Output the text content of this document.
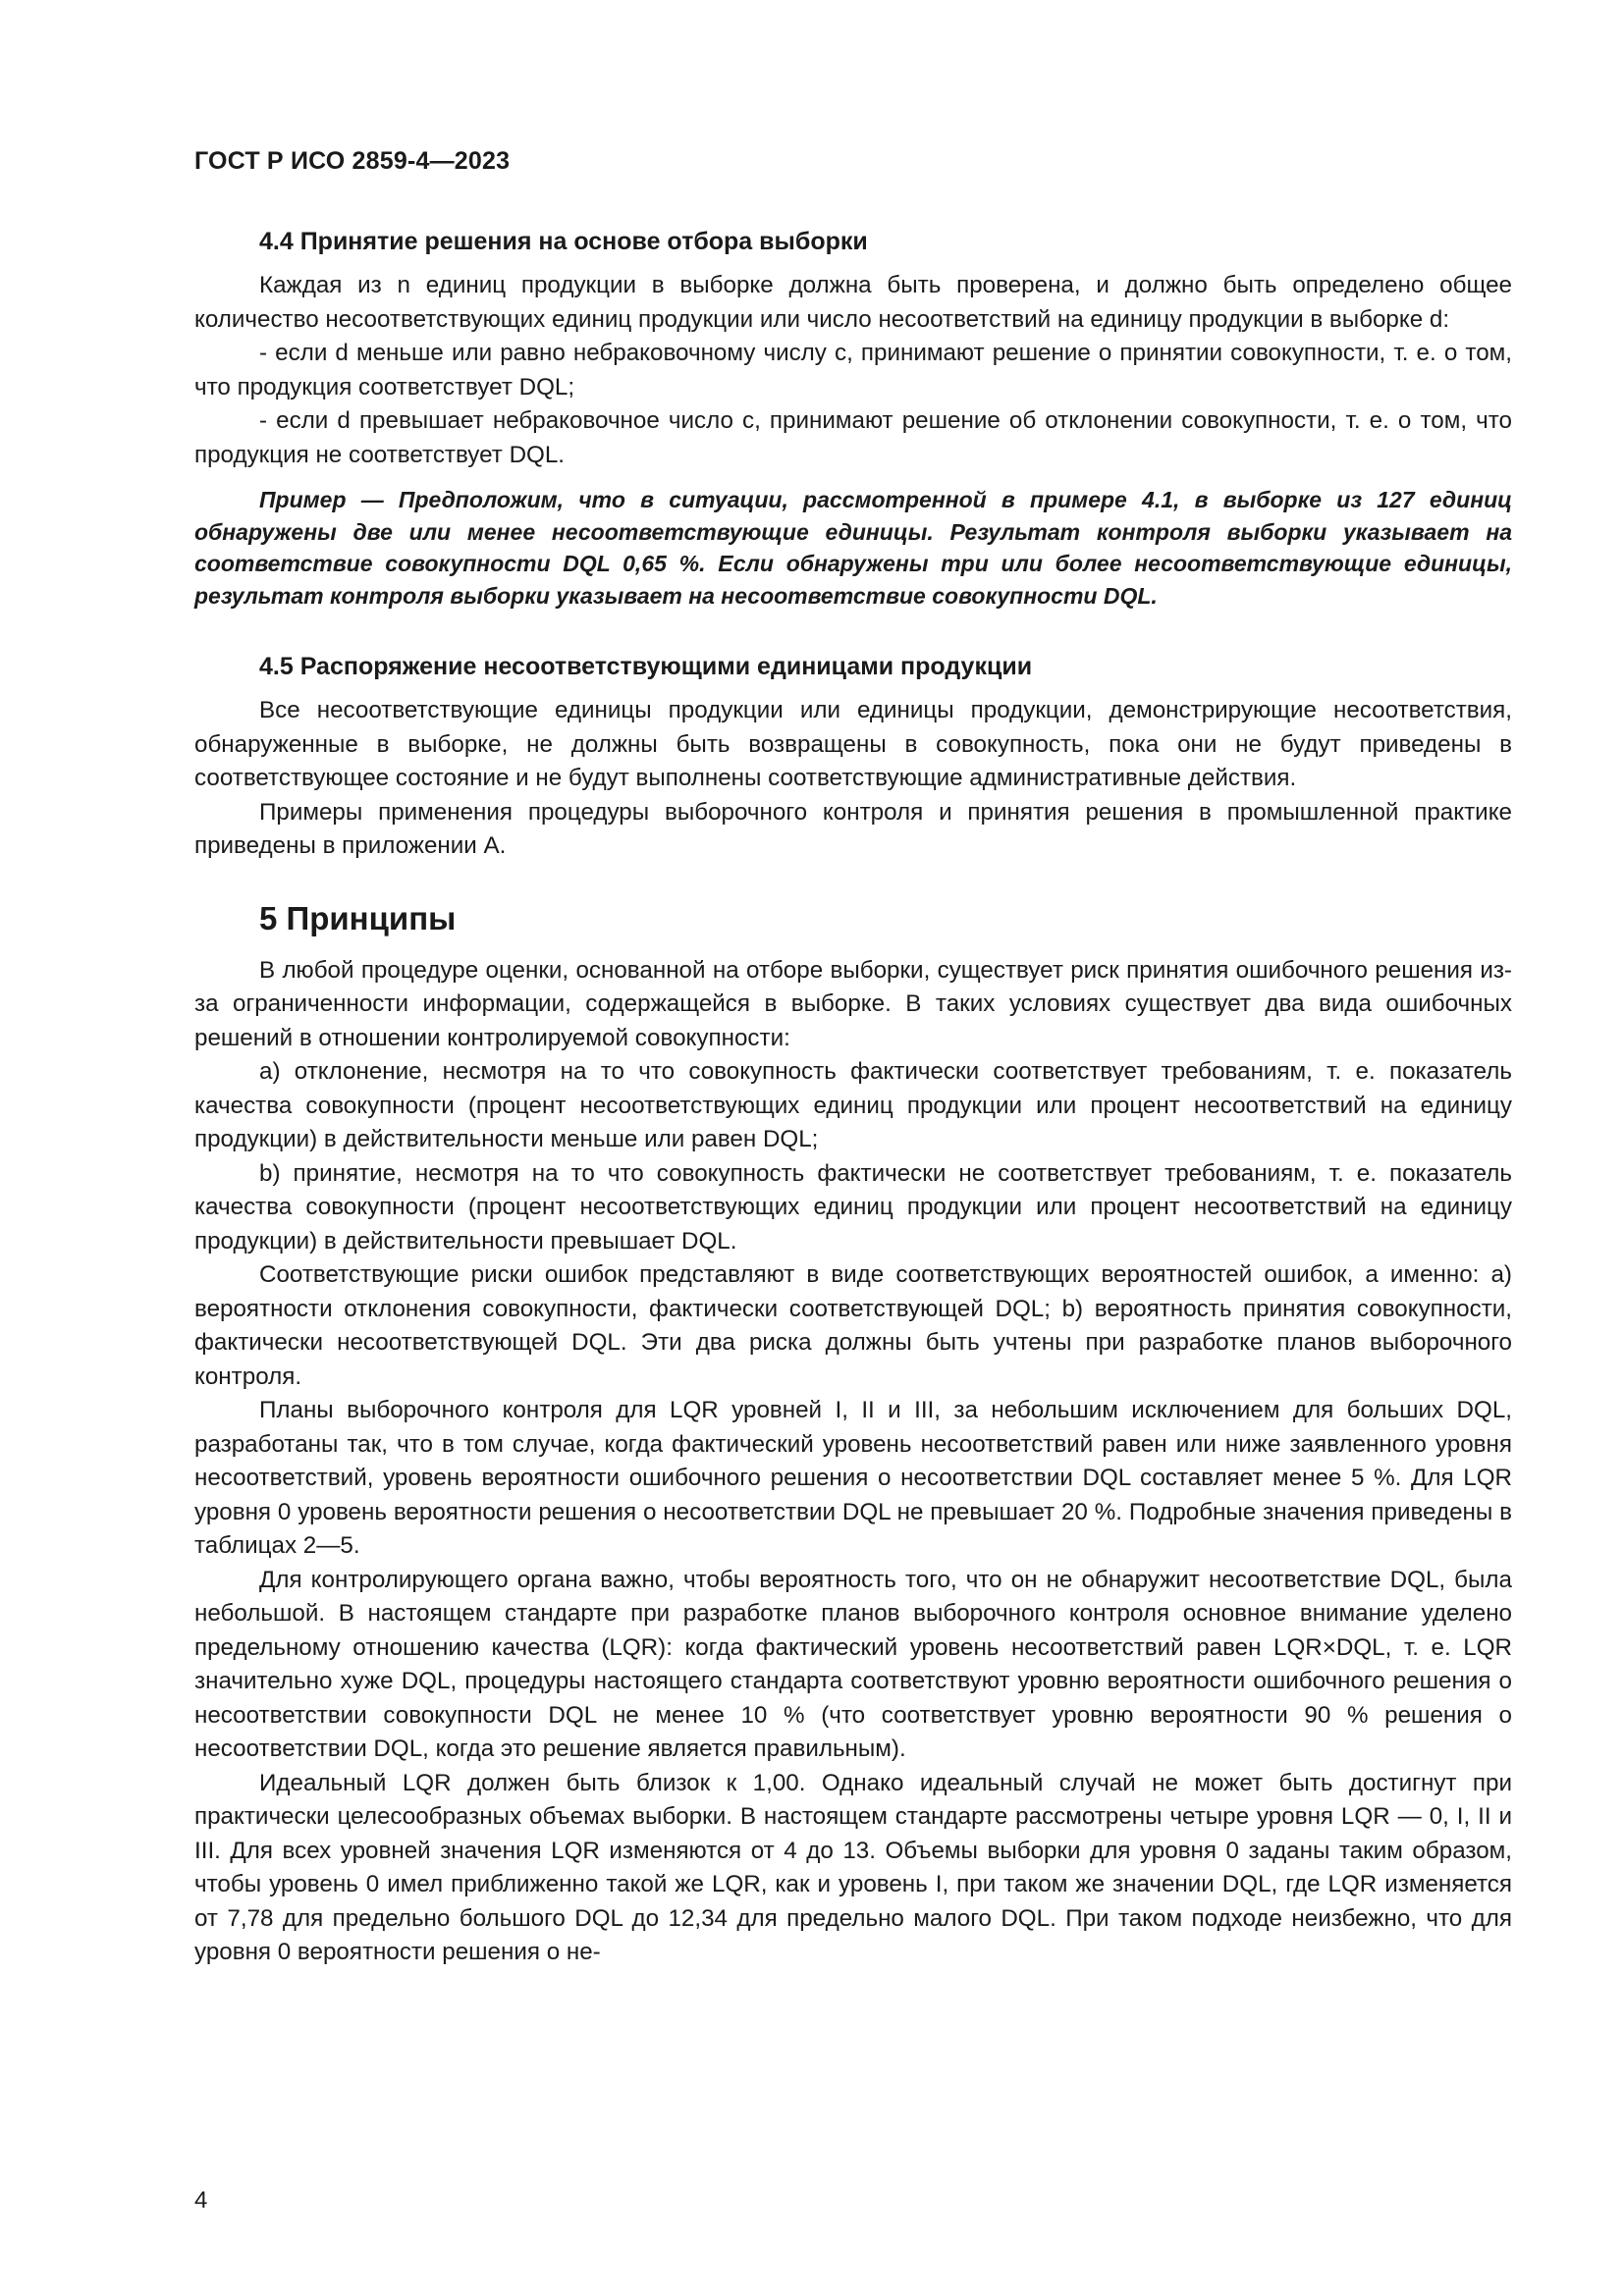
ГОСТ Р ИСО 2859-4—2023
4.4 Принятие решения на основе отбора выборки

Каждая из n единиц продукции в выборке должна быть проверена, и должно быть определено общее количество несоответствующих единиц продукции или число несоответствий на единицу продукции в выборке d:

- если d меньше или равно небраковочному числу c, принимают решение о принятии совокупности, т. е. о том, что продукция соответствует DQL;

- если d превышает небраковочное число c, принимают решение об отклонении совокупности, т. е. о том, что продукция не соответствует DQL.

Пример — Предположим, что в ситуации, рассмотренной в примере 4.1, в выборке из 127 единиц обнаружены две или менее несоответствующие единицы. Результат контроля выборки указывает на соответствие совокупности DQL 0,65 %. Если обнаружены три или более несоответствующие единицы, результат контроля выборки указывает на несоответствие совокупности DQL.

4.5 Распоряжение несоответствующими единицами продукции

Все несоответствующие единицы продукции или единицы продукции, демонстрирующие несоответствия, обнаруженные в выборке, не должны быть возвращены в совокупность, пока они не будут приведены в соответствующее состояние и не будут выполнены соответствующие административные действия.

Примеры применения процедуры выборочного контроля и принятия решения в промышленной практике приведены в приложении А.

5 Принципы

В любой процедуре оценки, основанной на отборе выборки, существует риск принятия ошибочного решения из-за ограниченности информации, содержащейся в выборке. В таких условиях существует два вида ошибочных решений в отношении контролируемой совокупности:

a) отклонение, несмотря на то что совокупность фактически соответствует требованиям, т. е. показатель качества совокупности (процент несоответствующих единиц продукции или процент несоответствий на единицу продукции) в действительности меньше или равен DQL;

b) принятие, несмотря на то что совокупность фактически не соответствует требованиям, т. е. показатель качества совокупности (процент несоответствующих единиц продукции или процент несоответствий на единицу продукции) в действительности превышает DQL.

Соответствующие риски ошибок представляют в виде соответствующих вероятностей ошибок, а именно: a) вероятности отклонения совокупности, фактически соответствующей DQL; b) вероятность принятия совокупности, фактически несоответствующей DQL. Эти два риска должны быть учтены при разработке планов выборочного контроля.

Планы выборочного контроля для LQR уровней I, II и III, за небольшим исключением для больших DQL, разработаны так, что в том случае, когда фактический уровень несоответствий равен или ниже заявленного уровня несоответствий, уровень вероятности ошибочного решения о несоответствии DQL составляет менее 5 %. Для LQR уровня 0 уровень вероятности решения о несоответствии DQL не превышает 20 %. Подробные значения приведены в таблицах 2—5.

Для контролирующего органа важно, чтобы вероятность того, что он не обнаружит несоответствие DQL, была небольшой. В настоящем стандарте при разработке планов выборочного контроля основное внимание уделено предельному отношению качества (LQR): когда фактический уровень несоответствий равен LQR×DQL, т. е. LQR значительно хуже DQL, процедуры настоящего стандарта соответствуют уровню вероятности ошибочного решения о несоответствии совокупности DQL не менее 10 % (что соответствует уровню вероятности 90 % решения о несоответствии DQL, когда это решение является правильным).

Идеальный LQR должен быть близок к 1,00. Однако идеальный случай не может быть достигнут при практически целесообразных объемах выборки. В настоящем стандарте рассмотрены четыре уровня LQR — 0, I, II и III. Для всех уровней значения LQR изменяются от 4 до 13. Объемы выборки для уровня 0 заданы таким образом, чтобы уровень 0 имел приближенно такой же LQR, как и уровень I, при таком же значении DQL, где LQR изменяется от 7,78 для предельно большого DQL до 12,34 для предельно малого DQL. При таком подходе неизбежно, что для уровня 0 вероятности решения о не-

4
